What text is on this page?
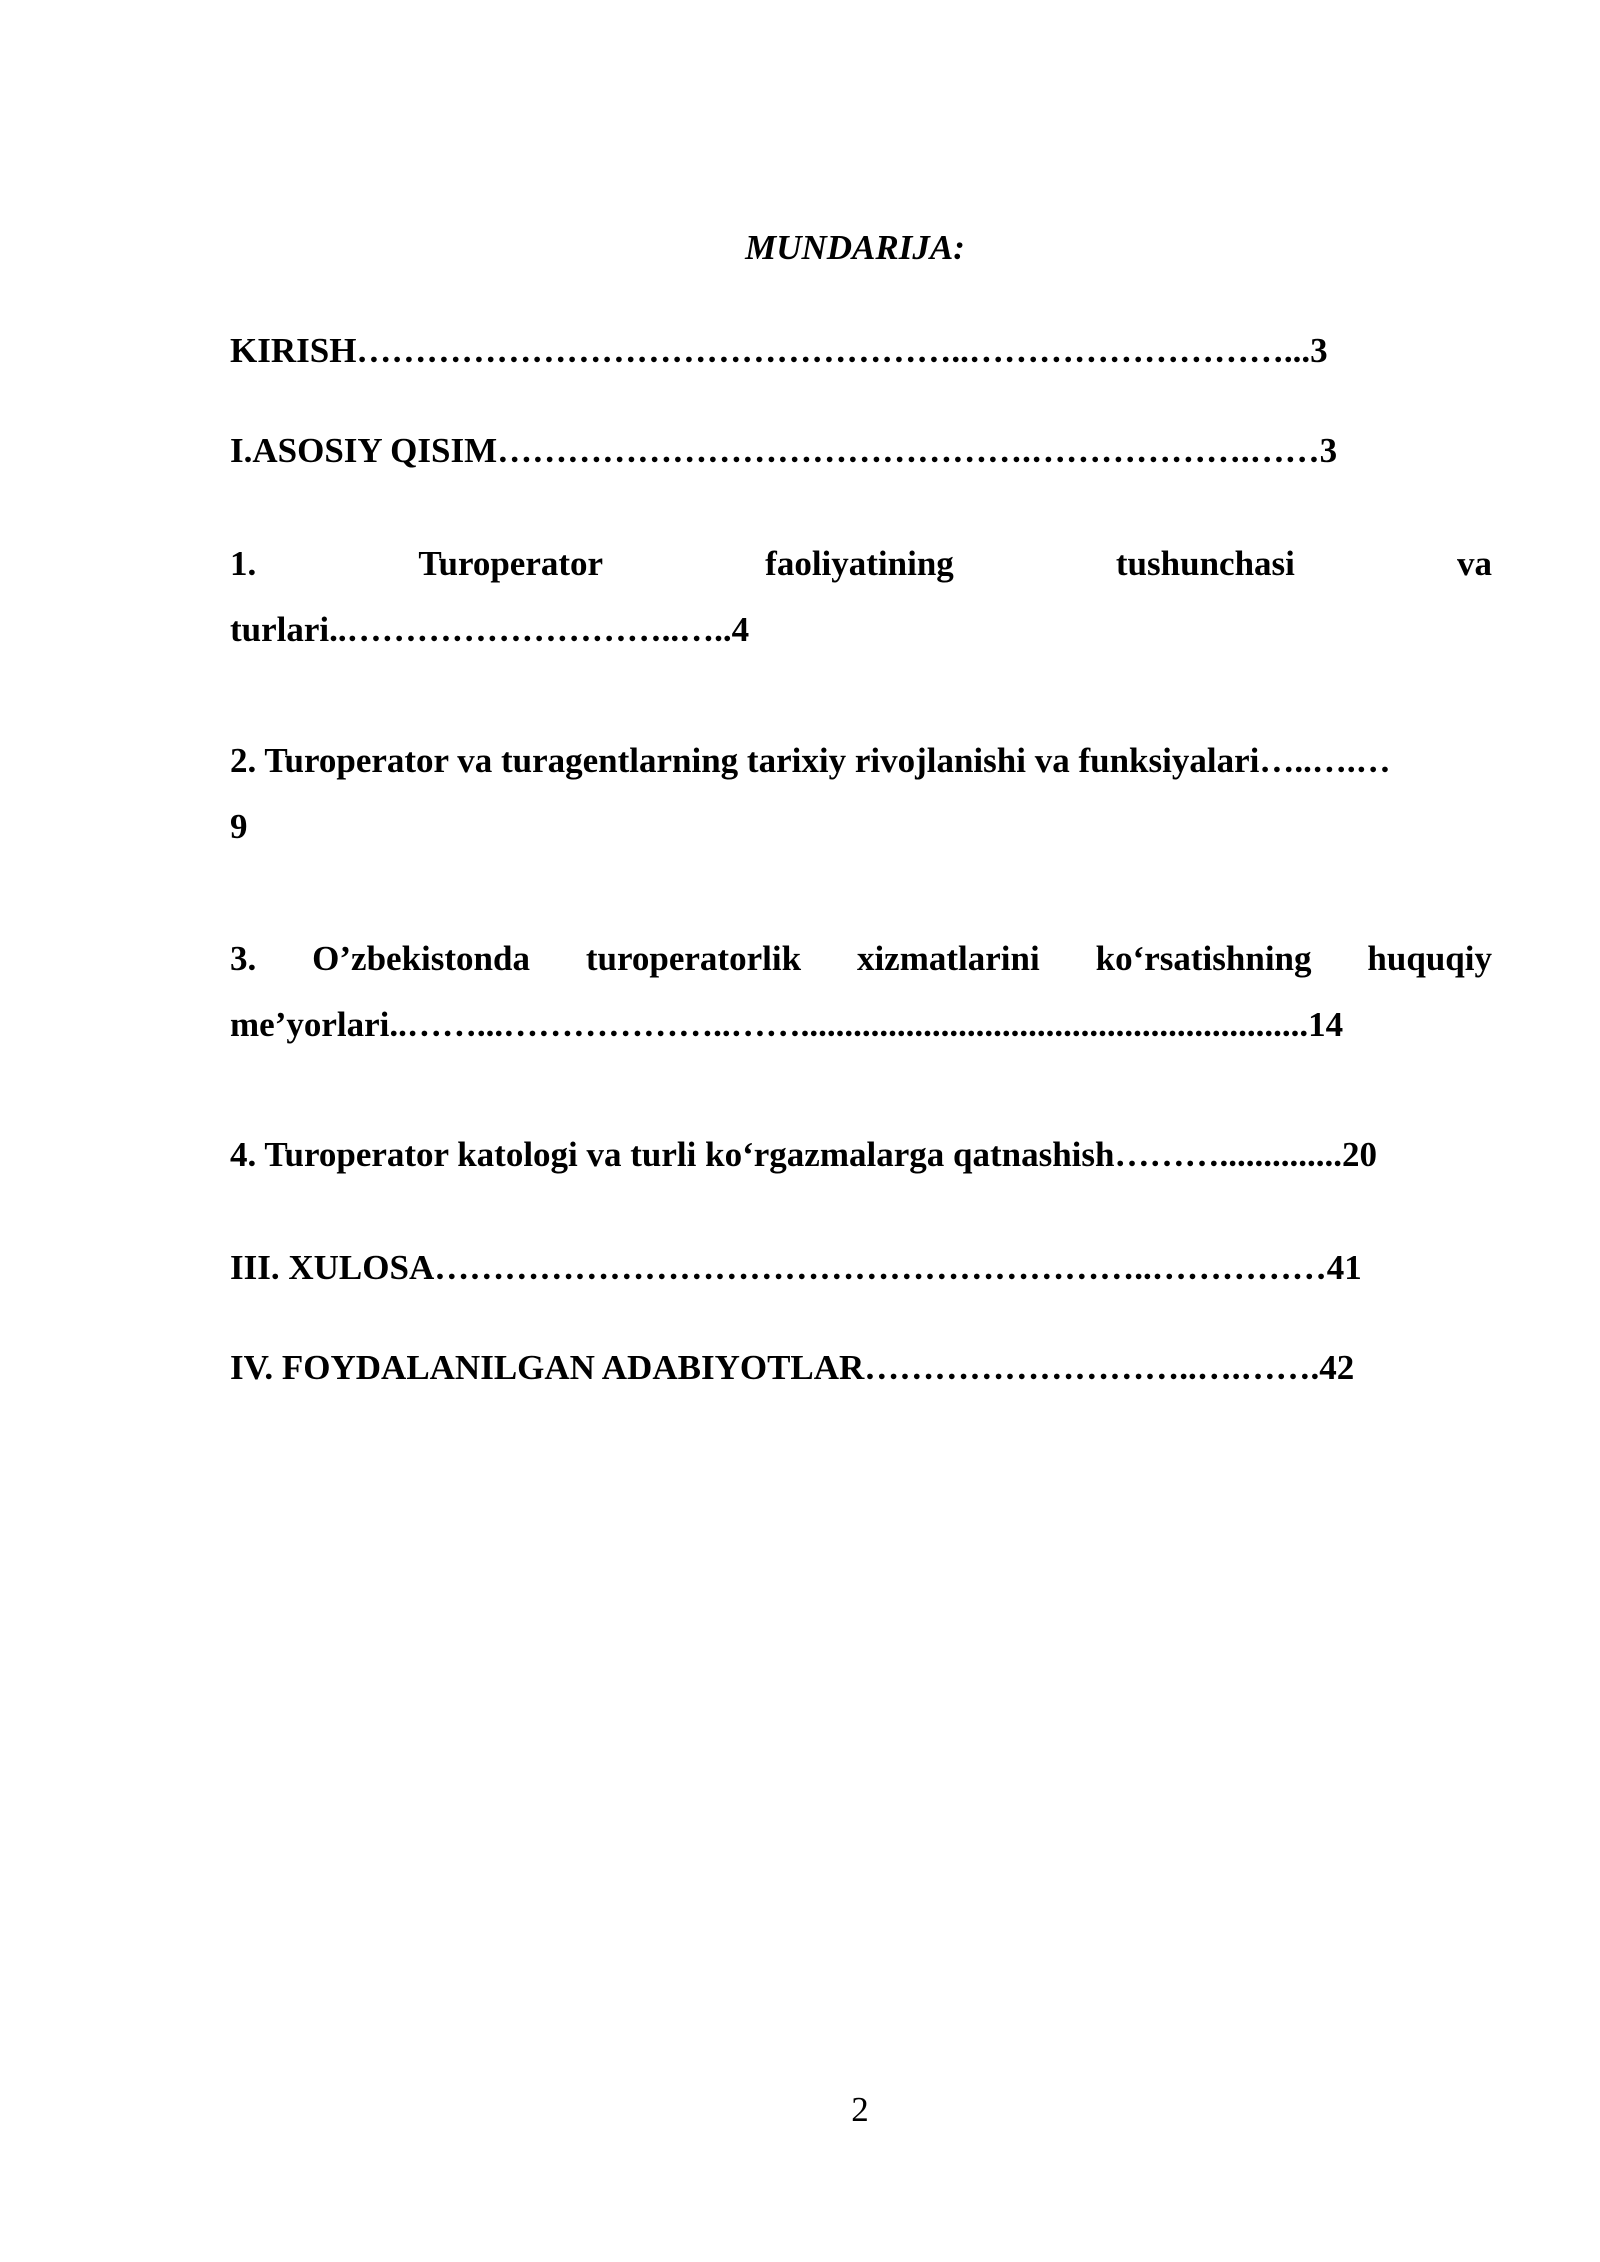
MUNDARIJA:
KIRISH……………………………………………..………………………...3
I.ASOSIY QISIM……………………………………….……………….……3
1.	Turoperator	faoliyatining	tushunchasi	va
turlari..………………………..…..4
2. Turoperator va turagentlarning tarixiy rivojlanishi va funksiyalari…..….…
9
3. O’zbekistonda turoperatorlik xizmatlarini ko‘rsatishning huquqiy
me’yorlari..……...………………..……..........................................................14
4. Turoperator katologi va turli ko‘rgazmalarga qatnashish………..............20
III. XULOSA……………………………………………………..……………41
IV. FOYDALANILGAN ADABIYOTLAR………………………..….…….42
2
